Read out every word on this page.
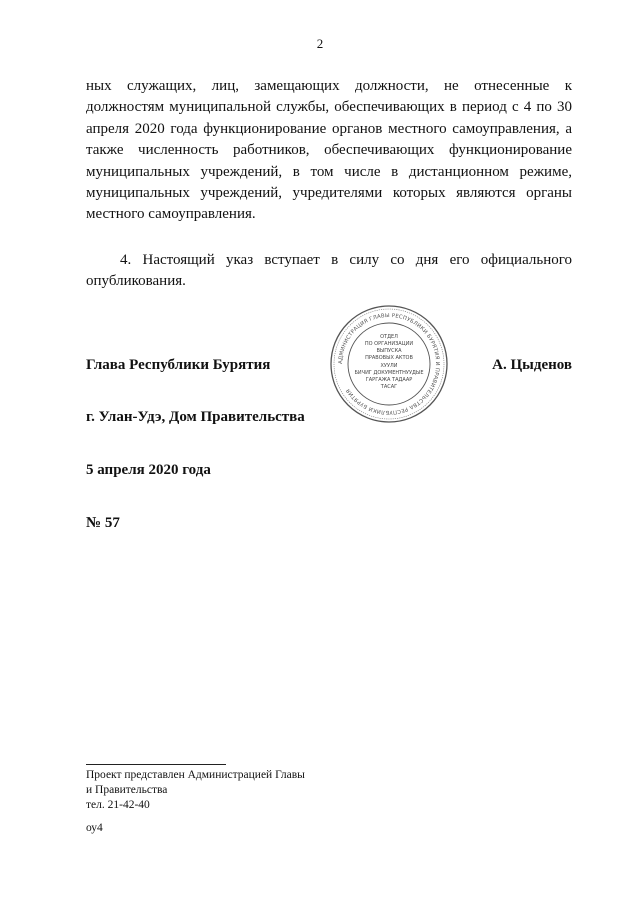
2

ных служащих, лиц, замещающих должности, не отнесенные к должностям муниципальной службы, обеспечивающих в период с 4 по 30 апреля 2020 года функционирование органов местного самоуправления, а также численность работников, обеспечивающих функционирование муниципальных учреждений, в том числе в дистанционном режиме, муниципальных учреждений, учредителями которых являются органы местного самоуправления.

4. Настоящий указ вступает в силу со дня его официального опубликования.

Глава Республики Бурятия	АДМИНИСТРАЦИЯ ГЛАВЫ РЕСПУБЛИКИ БУРЯТИЯ И ПРАВИТЕЛЬСТВА РЕСПУБЛИКИ БУРЯТИЯ
ОТДЕЛ
ПО ОРГАНИЗАЦИИ
ВЫПУСКА
ПРАВОВЫХ АКТОВ
ХУУЛИ
БИЧИГ ДОКУМЕНТНУУДЫЕ
ГАРГАЖА ТАДААР
ТАСАГ
А. Цыденов
г. Улан-Удэ, Дом Правительства
5 апреля 2020 года
№ 57
Проект представлен Администрацией Главы
и Правительства
тел. 21-42-40
оу4
